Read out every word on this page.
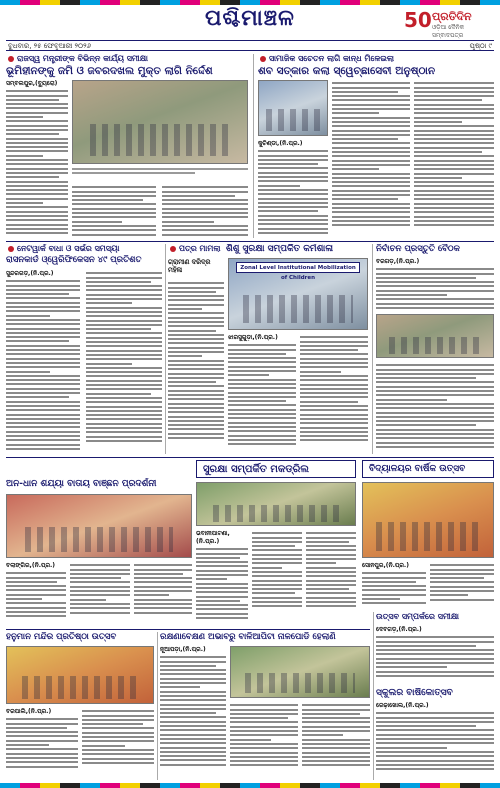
ପଶ୍ଚିମାଞ୍ଚଳ	50 ପ୍ରତିଦିନ
ଓଡ଼ିଆ ଦୈନିକ ସମ୍ବାଦପତ୍ର
ବୁଧବାର, ୨୫ ଫେବୃଆରୀ ୨୦୨୬	ପୃଷ୍ଠା ୯
ରାଜସ୍ୱ ମନ୍ତ୍ରୀଙ୍କ ବିଭିନ୍ନ କାର୍ଯ୍ୟ ସମୀକ୍ଷା
ଭୂମିହୀନଙ୍କୁ ଜମି ଓ ଜବରଦଖଲ ମୁକ୍ତ ଲାଗି ନିର୍ଦ୍ଦେଶ
ସମ୍ବଲପୁର,(ବ୍ୟୁରୋ)
ସାମାଜିକ ସଚେତନ ଲାଗି କାନ୍ଧ ମିଳେଇଲା
ଶବ ସତ୍କାର କଲା ସ୍ୱେଚ୍ଛାସେବୀ ଅନୁଷ୍ଠାନ
କୁଚିଣ୍ଡା,(ନି.ପ୍ର.)
ନେଟୱାର୍କ ବାଧା ଓ ସର୍ଭର ସମସ୍ୟା
ରାସନକାର୍ଡ ଓ୍ୱେରିଫିକେସନ ୪୯ ପ୍ରତିଶତ
ସୁନ୍ଦରଗଡ଼,(ନି.ପ୍ର.)
ପତ୍ର ମାମଲା ଶିଶୁ ସୁରକ୍ଷା ସମ୍ପର୍କିତ କର୍ମଶାଳା
ଗ୍ରାମୀଣ ଦରିଦ୍ର ମହିଳା	Zonal Level Institutional Mobilization of Children
ଝାରସୁଗୁଡ଼ା,(ନି.ପ୍ର.)
ନିର୍ବାଚନ ପ୍ରସ୍ତୁତି ବୈଠକ
ବରଗଡ଼,(ନି.ପ୍ର.)
ସୁରକ୍ଷା ସମ୍ପର୍କିତ ମକଡ୍ରିଲ	ବିଦ୍ୟାଳୟର ବାର୍ଷିକ ଉତ୍ସବ
ଅନ-ଧାନ ଶଯ୍ୟା ବାତାୟ ବାଞ୍ଛନ ପ୍ରଦର୍ଶନୀ
ବଲାଙ୍ଗିର,(ନି.ପ୍ର.)
ଭବାନୀପାଟଣା,(ନି.ପ୍ର.)
ସୋନପୁର,(ନି.ପ୍ର.)
ଉତ୍ସବ ସମ୍ପର୍କରେ ସମୀକ୍ଷା
ହନୁମାନ ମନ୍ଦିର ପ୍ରତିଷ୍ଠା ଉତ୍ସବ
ବରପାଲି,(ନି.ପ୍ର.)
ରକ୍ଷଣାବେକ୍ଷଣ ଅଭାବରୁ ବାଳିଆପିଟା ନାଳପୋଡି ହେଲାଣି
ନୂଆପଡ଼ା,(ନି.ପ୍ର.)
ଦେବଗଡ଼,(ନି.ପ୍ର.)
ସ୍କୁଲର ବାର୍ଷିକୋତ୍ସବ
ରେଢ଼ାଖୋଲ,(ନି.ପ୍ର.)
